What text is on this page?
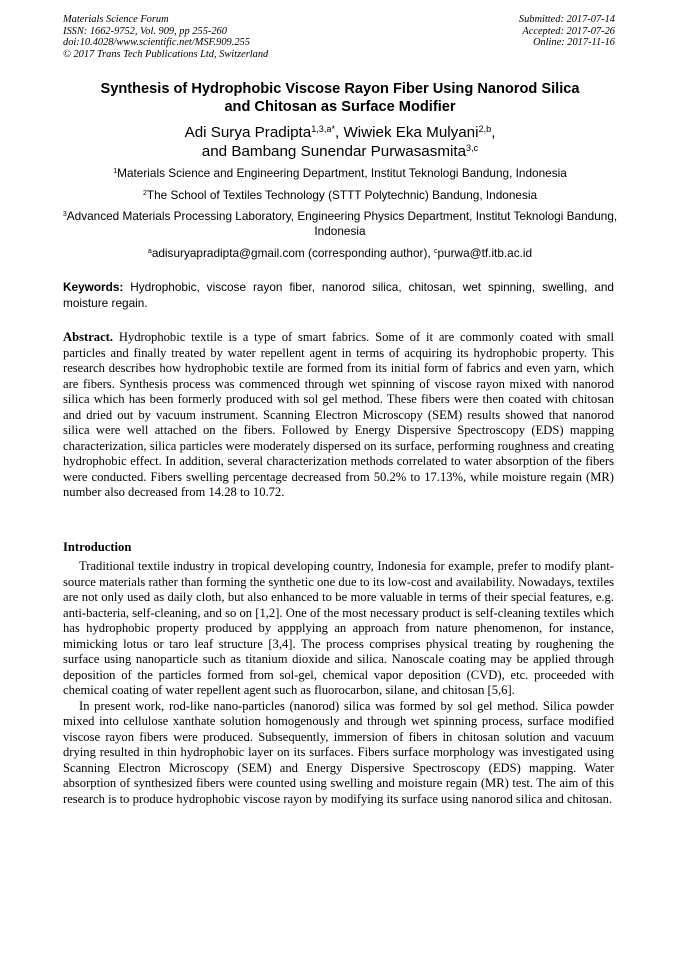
Materials Science Forum
ISSN: 1662-9752, Vol. 909, pp 255-260
doi:10.4028/www.scientific.net/MSF.909.255
© 2017 Trans Tech Publications Ltd, Switzerland
Submitted: 2017-07-14
Accepted: 2017-07-26
Online: 2017-11-16
Synthesis of Hydrophobic Viscose Rayon Fiber Using Nanorod Silica
and Chitosan as Surface Modifier
Adi Surya Pradipta$^{1,3,a*}$, Wiwiek Eka Mulyani$^{2,b}$,
and Bambang Sunendar Purwasasmita$^{3,c}$
$^1$Materials Science and Engineering Department, Institut Teknologi Bandung, Indonesia
$^2$The School of Textiles Technology (STTT Polytechnic) Bandung, Indonesia
$^3$Advanced Materials Processing Laboratory, Engineering Physics Department, Institut Teknologi Bandung, Indonesia
$^a$adisuryapradipta@gmail.com (corresponding author), $^c$purwa@tf.itb.ac.id
Keywords: Hydrophobic, viscose rayon fiber, nanorod silica, chitosan, wet spinning, swelling, and moisture regain.
Abstract. Hydrophobic textile is a type of smart fabrics. Some of it are commonly coated with small particles and finally treated by water repellent agent in terms of acquiring its hydrophobic property. This research describes how hydrophobic textile are formed from its initial form of fabrics and even yarn, which are fibers. Synthesis process was commenced through wet spinning of viscose rayon mixed with nanorod silica which has been formerly produced with sol gel method. These fibers were then coated with chitosan and dried out by vacuum instrument. Scanning Electron Microscopy (SEM) results showed that nanorod silica were well attached on the fibers. Followed by Energy Dispersive Spectroscopy (EDS) mapping characterization, silica particles were moderately dispersed on its surface, performing roughness and creating hydrophobic effect. In addition, several characterization methods correlated to water absorption of the fibers were conducted. Fibers swelling percentage decreased from 50.2% to 17.13%, while moisture regain (MR) number also decreased from 14.28 to 10.72.
Introduction

Traditional textile industry in tropical developing country, Indonesia for example, prefer to modify plant-source materials rather than forming the synthetic one due to its low-cost and availability. Nowadays, textiles are not only used as daily cloth, but also enhanced to be more valuable in terms of their special features, e.g. anti-bacteria, self-cleaning, and so on [1,2]. One of the most necessary product is self-cleaning textiles which has hydrophobic property produced by appplying an approach from nature phenomenon, for instance, mimicking lotus or taro leaf structure [3,4]. The process comprises physical treating by roughening the surface using nanoparticle such as titanium dioxide and silica. Nanoscale coating may be applied through deposition of the particles formed from sol-gel, chemical vapor deposition (CVD), etc. proceeded with chemical coating of water repellent agent such as fluorocarbon, silane, and chitosan [5,6].

In present work, rod-like nano-particles (nanorod) silica was formed by sol gel method. Silica powder mixed into cellulose xanthate solution homogenously and through wet spinning process, surface modified viscose rayon fibers were produced. Subsequently, immersion of fibers in chitosan solution and vacuum drying resulted in thin hydrophobic layer on its surfaces. Fibers surface morphology was investigated using Scanning Electron Microscopy (SEM) and Energy Dispersive Spectroscopy (EDS) mapping. Water absorption of synthesized fibers were counted using swelling and moisture regain (MR) test. The aim of this research is to produce hydrophobic viscose rayon by modifying its surface using nanorod silica and chitosan.
